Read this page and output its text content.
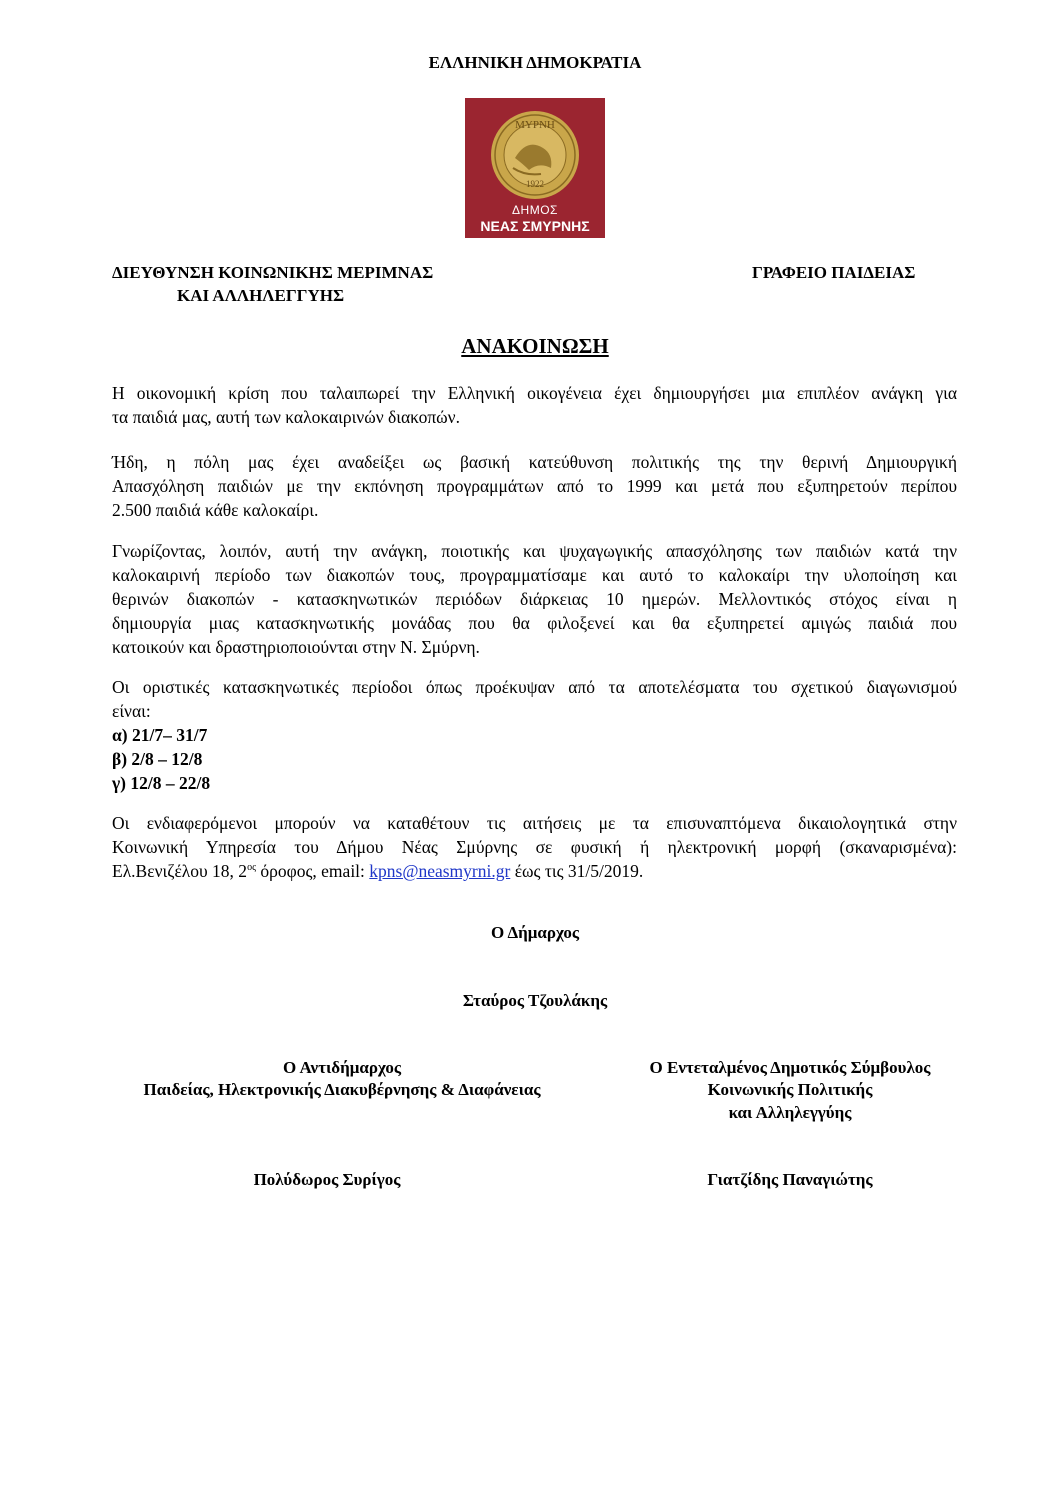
ΕΛΛΗΝΙΚΗ ΔΗΜΟΚΡΑΤΙΑ
ΜΥΡΝΗ
1922
ΔΗΜΟΣ
ΝΕΑΣ ΣΜΥΡΝΗΣ
ΔΙΕΥΘΥΝΣΗ ΚΟΙΝΩΝΙΚΗΣ ΜΕΡΙΜΝΑΣ
ΚΑΙ ΑΛΛΗΛΕΓΓΥΗΣ
ΓΡΑΦΕΙΟ ΠΑΙΔΕΙΑΣ
ΑΝΑΚΟΙΝΩΣΗ
Η οικονομική κρίση που ταλαιπωρεί την Ελληνική οικογένεια έχει δημιουργήσει μια επιπλέον ανάγκη για
τα παιδιά μας, αυτή των καλοκαιρινών διακοπών.
Ήδη, η πόλη μας έχει αναδείξει ως βασική κατεύθυνση πολιτικής της την θερινή Δημιουργική
Απασχόληση παιδιών με την εκπόνηση προγραμμάτων από το 1999 και μετά που εξυπηρετούν περίπου
2.500 παιδιά κάθε καλοκαίρι.
Γνωρίζοντας, λοιπόν, αυτή την ανάγκη, ποιοτικής και ψυχαγωγικής απασχόλησης των παιδιών κατά την
καλοκαιρινή περίοδο των διακοπών τους, προγραμματίσαμε και αυτό το καλοκαίρι την υλοποίηση και
θερινών διακοπών - κατασκηνωτικών περιόδων διάρκειας 10 ημερών. Μελλοντικός στόχος είναι η
δημιουργία μιας κατασκηνωτικής μονάδας που θα φιλοξενεί και θα εξυπηρετεί αμιγώς παιδιά που
κατοικούν και δραστηριοποιούνται στην Ν. Σμύρνη.
Οι οριστικές κατασκηνωτικές περίοδοι όπως προέκυψαν από τα αποτελέσματα του σχετικού διαγωνισμού
είναι:
α) 21/7– 31/7
β) 2/8 – 12/8
γ) 12/8 – 22/8
Οι ενδιαφερόμενοι μπορούν να καταθέτουν τις αιτήσεις με τα επισυναπτόμενα δικαιολογητικά στην
Κοινωνική Υπηρεσία του Δήμου Νέας Σμύρνης σε φυσική ή ηλεκτρονική μορφή (σκαναρισμένα):
Ελ.Βενιζέλου 18, $2^{o\varsigma}$ όροφος, email: kpns@neasmyrni.gr έως τις 31/5/2019.
Ο Δήμαρχος
Σταύρος Τζουλάκης
Ο Αντιδήμαρχος
Παιδείας, Ηλεκτρονικής Διακυβέρνησης & Διαφάνειας
Πολύδωρος Συρίγος
Ο Εντεταλμένος Δημοτικός Σύμβουλος
Κοινωνικής Πολιτικής
και Αλληλεγγύης
Γιατζίδης Παναγιώτης
